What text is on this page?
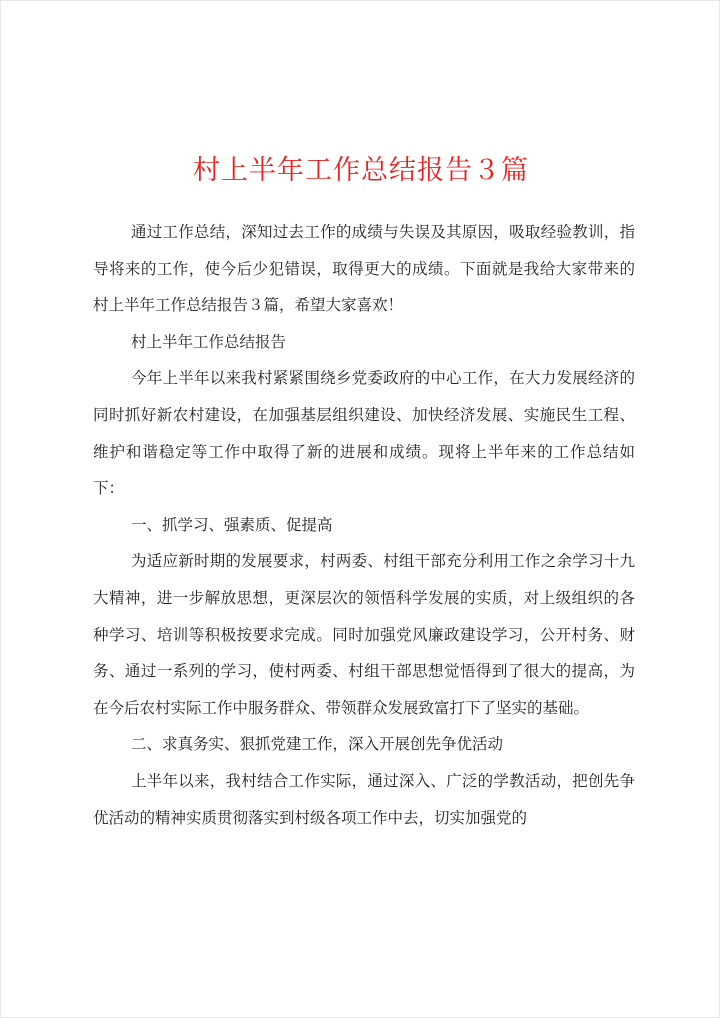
村上半年工作总结报告３篇

通过工作总结，深知过去工作的成绩与失误及其原因，吸取经验教训，指导将来的工作，使今后少犯错误，取得更大的成绩。下面就是我给大家带来的村上半年工作总结报告３篇，希望大家喜欢！

村上半年工作总结报告

今年上半年以来我村紧紧围绕乡党委政府的中心工作，在大力发展经济的同时抓好新农村建设，在加强基层组织建设、加快经济发展、实施民生工程、维护和谐稳定等工作中取得了新的进展和成绩。现将上半年来的工作总结如下：

一、抓学习、强素质、促提高

为适应新时期的发展要求，村两委、村组干部充分利用工作之余学习十九大精神，进一步解放思想，更深层次的领悟科学发展的实质，对上级组织的各种学习、培训等积极按要求完成。同时加强党风廉政建设学习，公开村务、财务、通过一系列的学习，使村两委、村组干部思想觉悟得到了很大的提高，为在今后农村实际工作中服务群众、带领群众发展致富打下了坚实的基础。

二、求真务实、狠抓党建工作，深入开展创先争优活动

上半年以来，我村结合工作实际，通过深入、广泛的学教活动，把创先争优活动的精神实质贯彻落实到村级各项工作中去，切实加强党的
